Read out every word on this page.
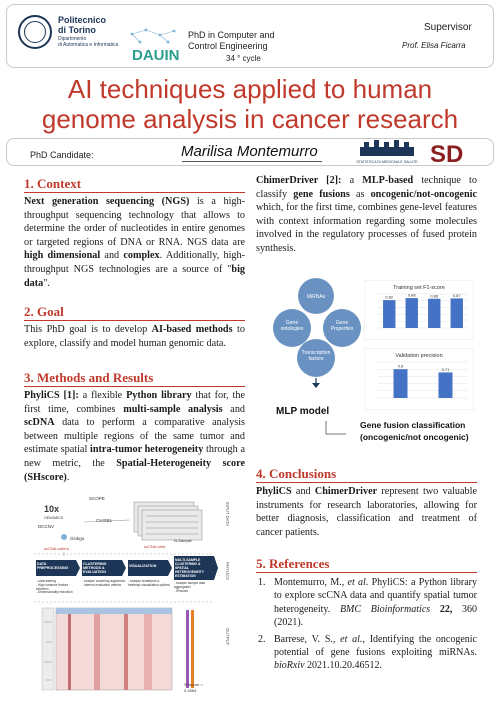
Politecnico
di Torino
Dipartimento
di Automatica e Informatica
DAUIN
PhD in Computer and
Control Engineering
34 ° cycle
Supervisor
Prof. Elisa Ficarra
AI techniques applied to human
genome analysis in cancer research
PhD Candidate:	Marilisa Montemurro
STATISTICA DI MEDICINA E SALUTE SD
1. Context
Next generation sequencing (NGS) is a high-throughput sequencing technology that allows to determine the order of nucleotides in entire genomes or targeted regions of DNA or RNA. NGS data are high dimensional and complex. Additionally, high-throughput NGS technologies are a source of "big data".
2. Goal
This PhD goal is to develop AI-based methods to explore, classify and model human genomic data.
3. Methods and Results
PhyliCS [1]: a flexible Python library that for, the first time, combines multi-sample analysis and scDNA data to perform a comparative analysis between multiple regions of the same tumor and estimate spatial intra-tumor heterogeneity through a new metric, the Spatial-Heterogeneity score (SHscore).
10x
GENOMICS
SCOPE
DCCNV
CHISEL
Ginkgo
scCNA callers	scCNA cells
N-Sample
DATA PREPROCESSING
CLUSTERING METHODS & EVALUATION
VISUALIZATION
MULTI-SAMPLE CLUSTERING & SPATIAL HETEROGENEITY ESTIMATION
- Data filtering
- High variance feature selection
- Dimensionality reduction
- Multiple clustering algorithms
- Internal evaluation metrics
- Multiple scatterplot & heatmap visualization options	- Multiple sample data aggregation
- SHscore
SHscore =
0.1864
INPUT DATA
PHYLICS
OUTPUT
ChimerDriver [2]: a MLP-based technique to classify gene fusions as oncogenic/not-oncogenic which, for the first time, combines gene-level features with context information regarding some molecules involved in the regulatory processes of fused protein synthesis.
MiRNAs
Gene ontologies
Gene Properties
Transcription factors
MLP model
Gene fusion classification
(oncogenic/not oncogenic)
Training set F1-score
0.82	0.88	0.86	0.87
Validation precision
0.8
0.71
4. Conclusions
PhyliCS and ChimerDriver represent two valuable instruments for research laboratories, allowing for better diagnosis, classification and treatment of cancer patients.
5. References
1. Montemurro, M., et al. PhyliCS: a Python library to explore scCNA data and quantify spatial tumor heterogeneity. BMC Bioinformatics 22, 360 (2021).
2. Barrese, V. S., et al., Identifying the oncogenic potential of gene fusions exploiting miRNAs. bioRxiv 2021.10.20.46512.
